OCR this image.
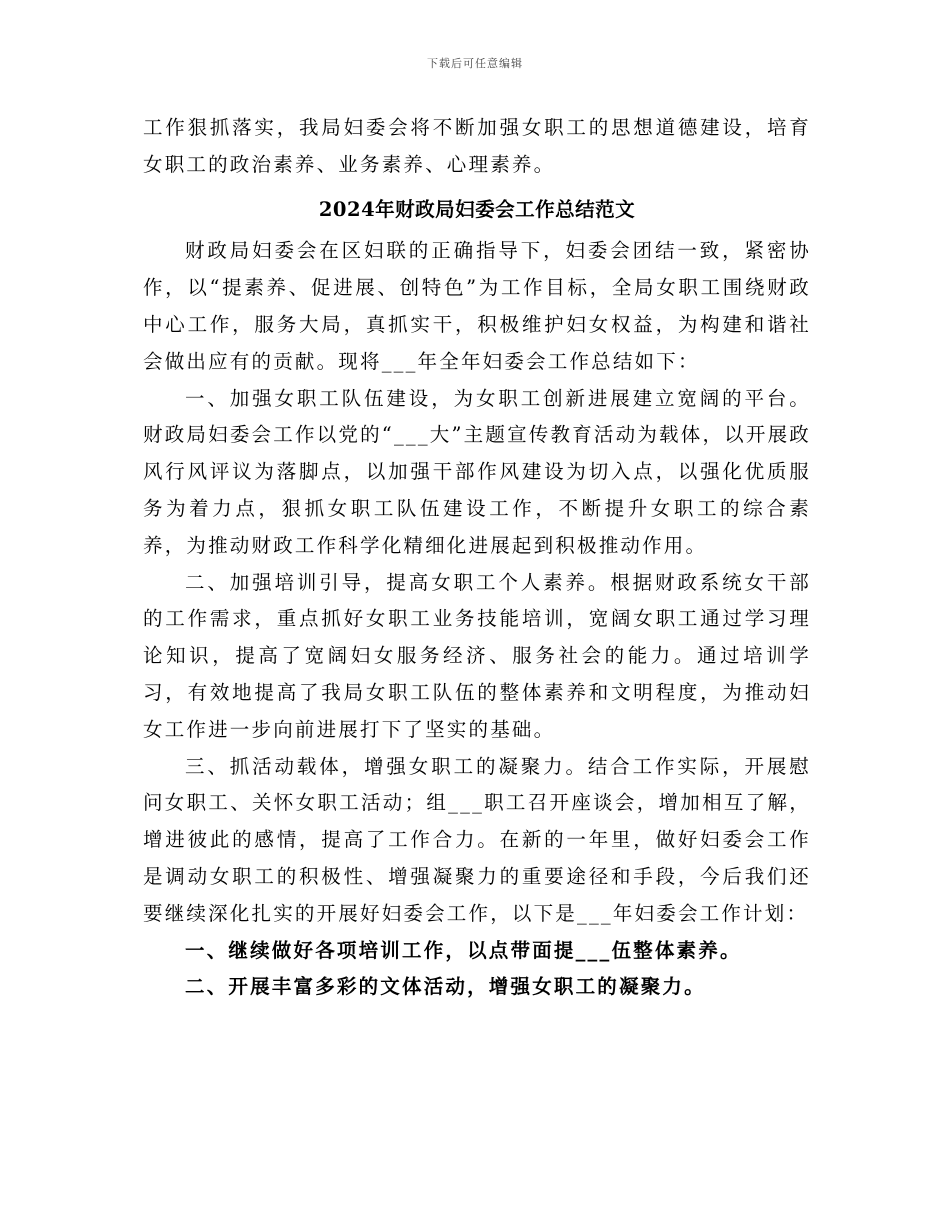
下载后可任意编辑

工作狠抓落实，我局妇委会将不断加强女职工的思想道德建设，培育女职工的政治素养、业务素养、心理素养。

2024年财政局妇委会工作总结范文

财政局妇委会在区妇联的正确指导下，妇委会团结一致，紧密协作，以“提素养、促进展、创特色”为工作目标，全局女职工围绕财政中心工作，服务大局，真抓实干，积极维护妇女权益，为构建和谐社会做出应有的贡献。现将___年全年妇委会工作总结如下：

一、加强女职工队伍建设，为女职工创新进展建立宽阔的平台。财政局妇委会工作以党的“___大”主题宣传教育活动为载体，以开展政风行风评议为落脚点，以加强干部作风建设为切入点，以强化优质服务为着力点，狠抓女职工队伍建设工作，不断提升女职工的综合素养，为推动财政工作科学化精细化进展起到积极推动作用。

二、加强培训引导，提高女职工个人素养。根据财政系统女干部的工作需求，重点抓好女职工业务技能培训，宽阔女职工通过学习理论知识，提高了宽阔妇女服务经济、服务社会的能力。通过培训学习，有效地提高了我局女职工队伍的整体素养和文明程度，为推动妇女工作进一步向前进展打下了坚实的基础。

三、抓活动载体，增强女职工的凝聚力。结合工作实际，开展慰问女职工、关怀女职工活动；组___职工召开座谈会，增加相互了解，增进彼此的感情，提高了工作合力。在新的一年里，做好妇委会工作是调动女职工的积极性、增强凝聚力的重要途径和手段，今后我们还要继续深化扎实的开展好妇委会工作，以下是___年妇委会工作计划：

一、继续做好各项培训工作，以点带面提___伍整体素养。

二、开展丰富多彩的文体活动，增强女职工的凝聚力。
